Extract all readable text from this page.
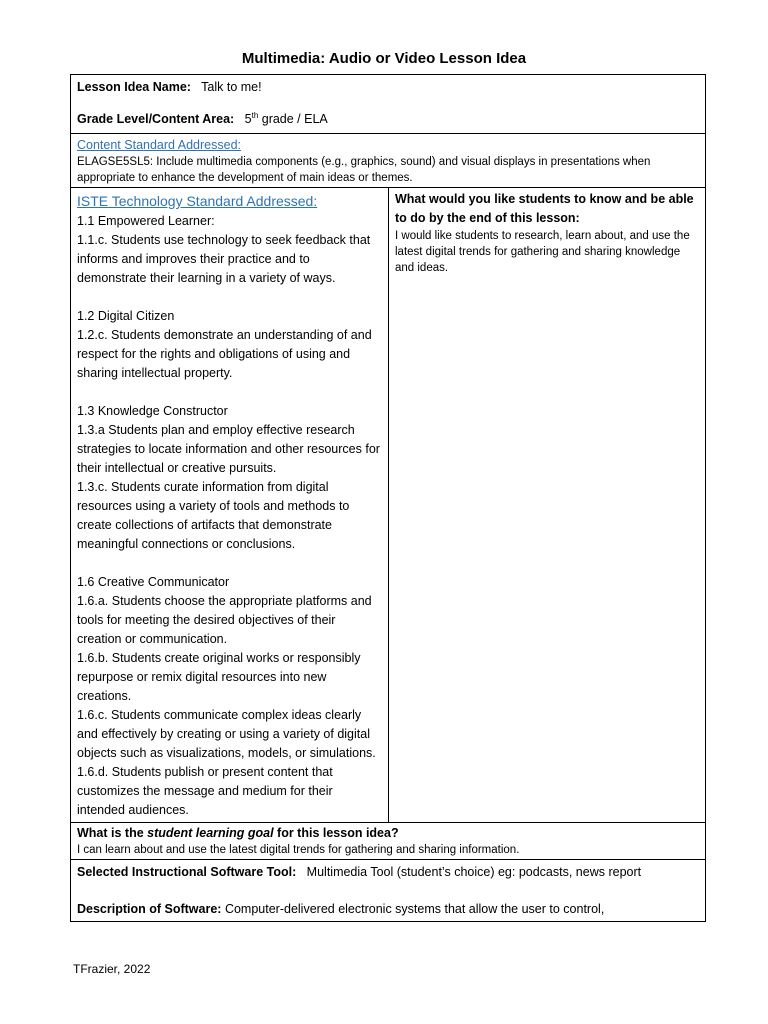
Multimedia: Audio or Video Lesson Idea
Lesson Idea Name: Talk to me!
Grade Level/Content Area: 5th grade / ELA

Content Standard Addressed:
ELAGSE5SL5: Include multimedia components (e.g., graphics, sound) and visual displays in presentations when appropriate to enhance the development of main ideas or themes.

ISTE Technology Standard Addressed:
1.1 Empowered Learner:
1.1.c. Students use technology to seek feedback that informs and improves their practice and to demonstrate their learning in a variety of ways.
1.2 Digital Citizen
1.2.c. Students demonstrate an understanding of and respect for the rights and obligations of using and sharing intellectual property.
1.3 Knowledge Constructor
1.3.a Students plan and employ effective research strategies to locate information and other resources for their intellectual or creative pursuits.
1.3.c. Students curate information from digital resources using a variety of tools and methods to create collections of artifacts that demonstrate meaningful connections or conclusions.
1.6 Creative Communicator
1.6.a. Students choose the appropriate platforms and tools for meeting the desired objectives of their creation or communication.
1.6.b. Students create original works or responsibly repurpose or remix digital resources into new creations.
1.6.c. Students communicate complex ideas clearly and effectively by creating or using a variety of digital objects such as visualizations, models, or simulations.
1.6.d. Students publish or present content that customizes the message and medium for their intended audiences.

What would you like students to know and be able to do by the end of this lesson:
I would like students to research, learn about, and use the latest digital trends for gathering and sharing knowledge and ideas.

What is the student learning goal for this lesson idea?
I can learn about and use the latest digital trends for gathering and sharing information.

Selected Instructional Software Tool: Multimedia Tool (student’s choice) eg: podcasts, news report
Description of Software: Computer-delivered electronic systems that allow the user to control,
TFrazier, 2022
